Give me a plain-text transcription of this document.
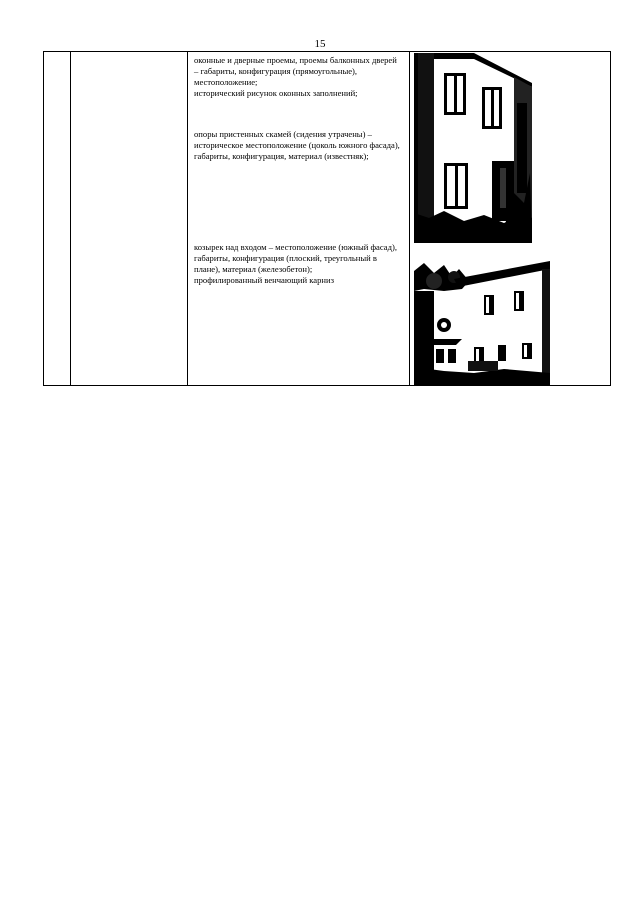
15

оконные и дверные проемы, проемы балконных дверей – габариты, конфигурация (прямоугольные), местоположение;

исторический рисунок оконных заполнений;

опоры пристенных скамей (сидения утрачены) – историческое местоположение (цоколь южного фасада), габариты, конфигурация, материал (известняк);

козырек над входом – местоположение (южный фасад), габариты, конфигурация (плоский, треугольный в плане), материал (железобетон);

профилированный венчающий карниз
